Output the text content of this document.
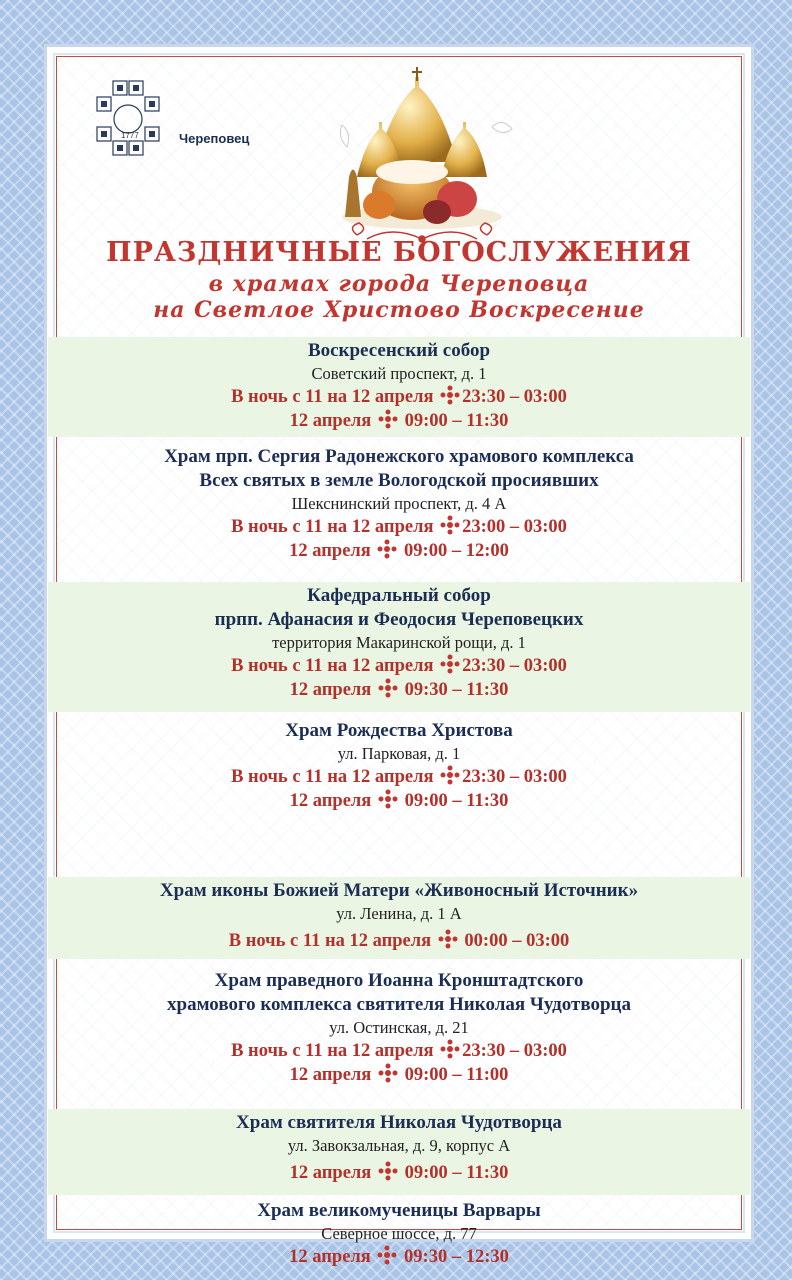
1777	Череповец
ПРАЗДНИЧНЫЕ БОГОСЛУЖЕНИЯ
в храмах города Череповца
на Светлое Христово Воскресение
Воскресенский собор
Советский проспект, д. 1
В ночь с 11 на 12 апреля 23:30 – 03:00
12 апреля 09:00 – 11:30
Храм прп. Сергия Радонежского храмового комплекса
Всех святых в земле Вологодской просиявших
Шекснинский проспект, д. 4 А
В ночь с 11 на 12 апреля 23:00 – 03:00
12 апреля 09:00 – 12:00
Кафедральный собор
прпп. Афанасия и Феодосия Череповецких
территория Макаринской рощи, д. 1
В ночь с 11 на 12 апреля 23:30 – 03:00
12 апреля 09:30 – 11:30
Храм Рождества Христова
ул. Парковая, д. 1
В ночь с 11 на 12 апреля 23:30 – 03:00
12 апреля 09:00 – 11:30
Храм иконы Божией Матери «Живоносный Источник»
ул. Ленина, д. 1 А
В ночь с 11 на 12 апреля 00:00 – 03:00
Храм праведного Иоанна Кронштадтского
храмового комплекса святителя Николая Чудотворца
ул. Остинская, д. 21
В ночь с 11 на 12 апреля 23:30 – 03:00
12 апреля 09:00 – 11:00
Храм святителя Николая Чудотворца
ул. Завокзальная, д. 9, корпус А
12 апреля 09:00 – 11:30
Храм великомученицы Варвары
Северное шоссе, д. 77
12 апреля 09:30 – 12:30
